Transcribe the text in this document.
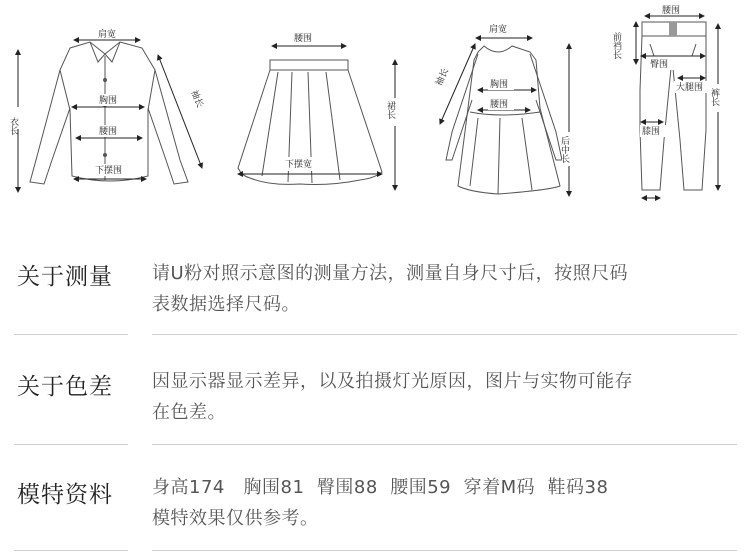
肩宽
胸围
腰围
下摆围
衣长
袖长
腰围
下摆宽
裙长
肩宽
袖长	胸围
腰围
后中长
腰围
前裆长
臀围
大腿围
膝围
裤长
关于测量 请U粉对照示意图的测量方法，测量自身尺寸后，按照尺码
表数据选择尺码。
关于色差 因显示器显示差异，以及拍摄灯光原因，图片与实物可能存
在色差。
模特资料 身高174   胸围81  臀围88  腰围59  穿着M码  鞋码38
模特效果仅供参考。
